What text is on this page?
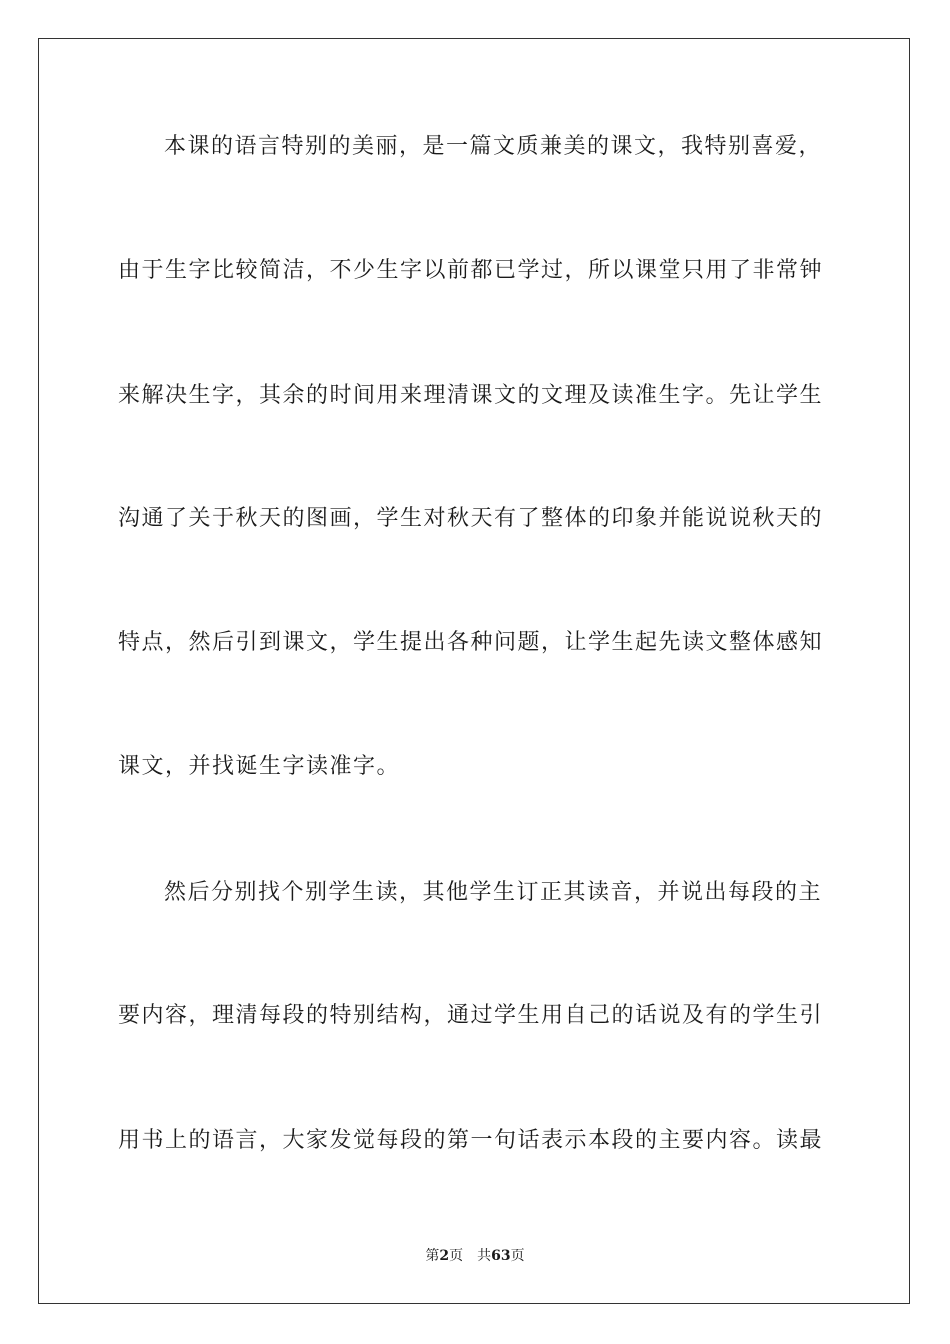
本课的语言特别的美丽，是一篇文质兼美的课文，我特别喜爱，
由于生字比较简洁，不少生字以前都已学过，所以课堂只用了非常钟
来解决生字，其余的时间用来理清课文的文理及读准生字。先让学生
沟通了关于秋天的图画，学生对秋天有了整体的印象并能说说秋天的
特点，然后引到课文，学生提出各种问题，让学生起先读文整体感知
课文，并找诞生字读准字。
然后分别找个别学生读，其他学生订正其读音，并说出每段的主
要内容，理清每段的特别结构，通过学生用自己的话说及有的学生引
用书上的语言，大家发觉每段的第一句话表示本段的主要内容。读最
第2页 共63页
